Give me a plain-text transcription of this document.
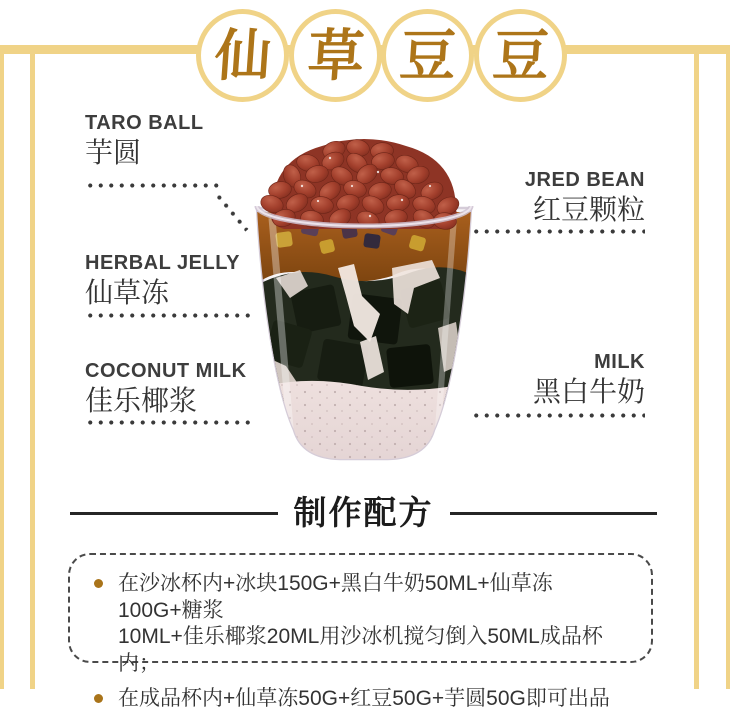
仙 草 豆 豆
TARO BALL
芋圆
HERBAL JELLY
仙草冻
COCONUT MILK
佳乐椰浆
JRED BEAN
红豆颗粒
MILK
黑白牛奶
制作配方
在沙冰杯内+冰块150G+黑白牛奶50ML+仙草冻100G+糖浆
10ML+佳乐椰浆20ML用沙冰机搅匀倒入50ML成品杯内；
在成品杯内+仙草冻50G+红豆50G+芋圆50G即可出品
